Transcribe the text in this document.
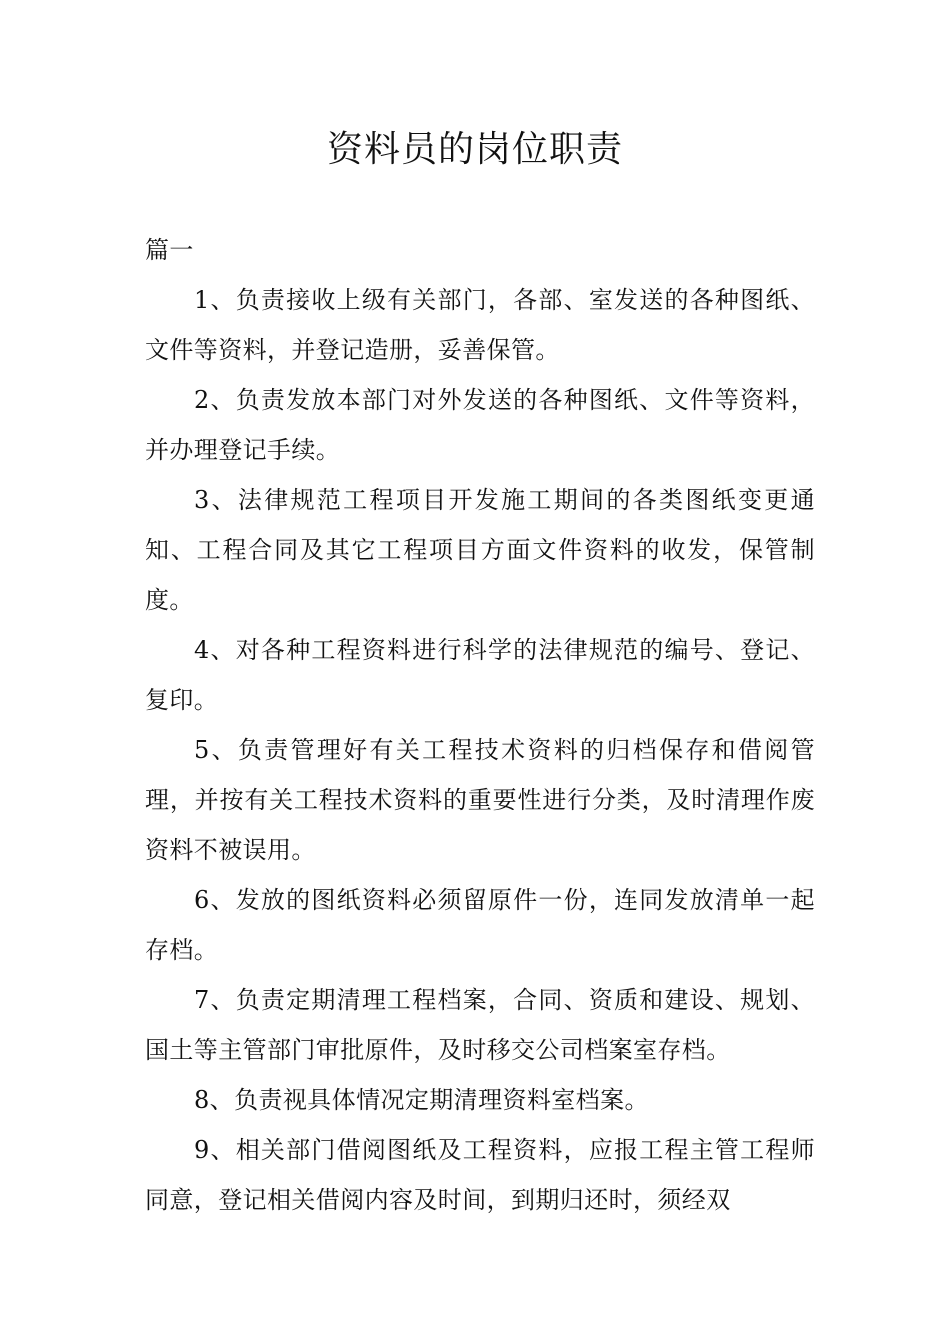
资料员的岗位职责

篇一

1、负责接收上级有关部门，各部、室发送的各种图纸、文件等资料，并登记造册，妥善保管。

2、负责发放本部门对外发送的各种图纸、文件等资料，并办理登记手续。

3、法律规范工程项目开发施工期间的各类图纸变更通知、工程合同及其它工程项目方面文件资料的收发，保管制度。

4、对各种工程资料进行科学的法律规范的编号、登记、复印。

5、负责管理好有关工程技术资料的归档保存和借阅管理，并按有关工程技术资料的重要性进行分类，及时清理作废资料不被误用。

6、发放的图纸资料必须留原件一份，连同发放清单一起存档。

7、负责定期清理工程档案，合同、资质和建设、规划、国土等主管部门审批原件，及时移交公司档案室存档。

8、负责视具体情况定期清理资料室档案。

9、相关部门借阅图纸及工程资料，应报工程主管工程师同意，登记相关借阅内容及时间，到期归还时，须经双
